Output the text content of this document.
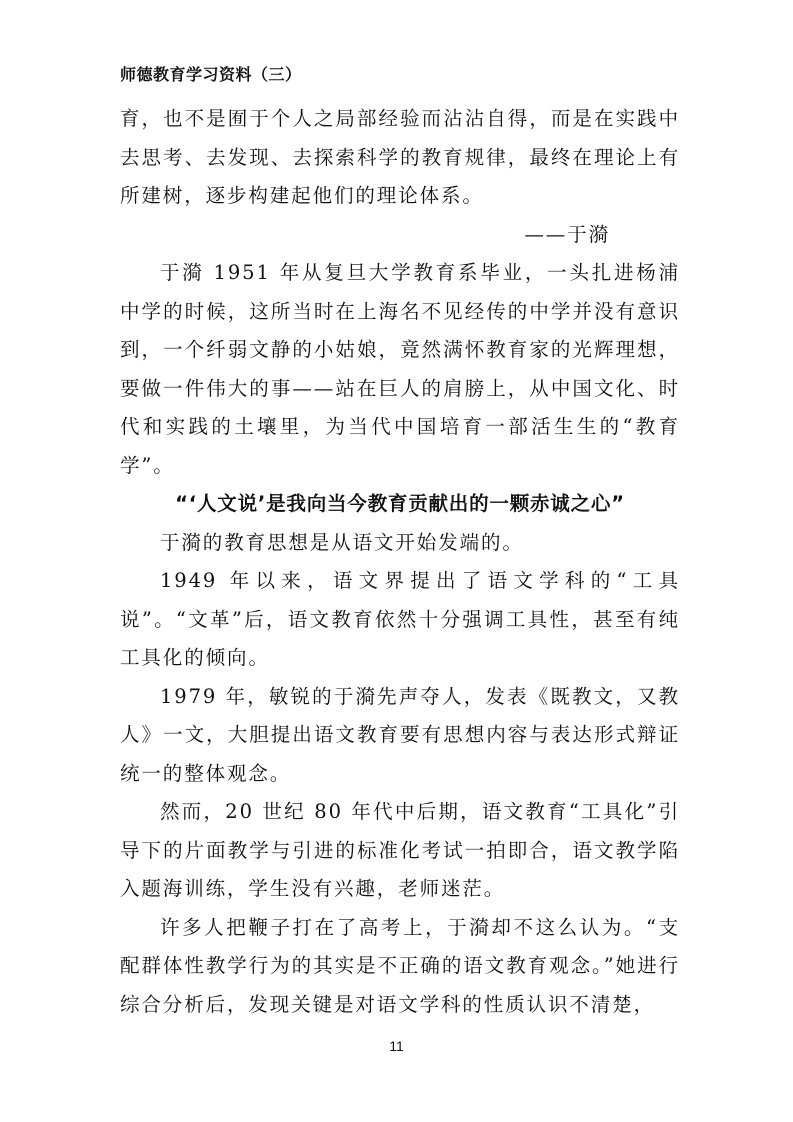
师德教育学习资料（三）

育，也不是囿于个人之局部经验而沾沾自得，而是在实践中去思考、去发现、去探索科学的教育规律，最终在理论上有所建树，逐步构建起他们的理论体系。

——于漪

于漪 1951 年从复旦大学教育系毕业，一头扎进杨浦中学的时候，这所当时在上海名不见经传的中学并没有意识到，一个纤弱文静的小姑娘，竟然满怀教育家的光辉理想，要做一件伟大的事——站在巨人的肩膀上，从中国文化、时代和实践的土壤里，为当代中国培育一部活生生的“教育学”。

“‘人文说’是我向当今教育贡献出的一颗赤诚之心”

于漪的教育思想是从语文开始发端的。

1949 年以来，语文界提出了语文学科的“工具说”。“文革”后，语文教育依然十分强调工具性，甚至有纯工具化的倾向。

1979 年，敏锐的于漪先声夺人，发表《既教文，又教人》一文，大胆提出语文教育要有思想内容与表达形式辩证统一的整体观念。

然而，20 世纪 80 年代中后期，语文教育“工具化”引导下的片面教学与引进的标准化考试一拍即合，语文教学陷入题海训练，学生没有兴趣，老师迷茫。

许多人把鞭子打在了高考上，于漪却不这么认为。“支配群体性教学行为的其实是不正确的语文教育观念。”她进行综合分析后，发现关键是对语文学科的性质认识不清楚，

11
